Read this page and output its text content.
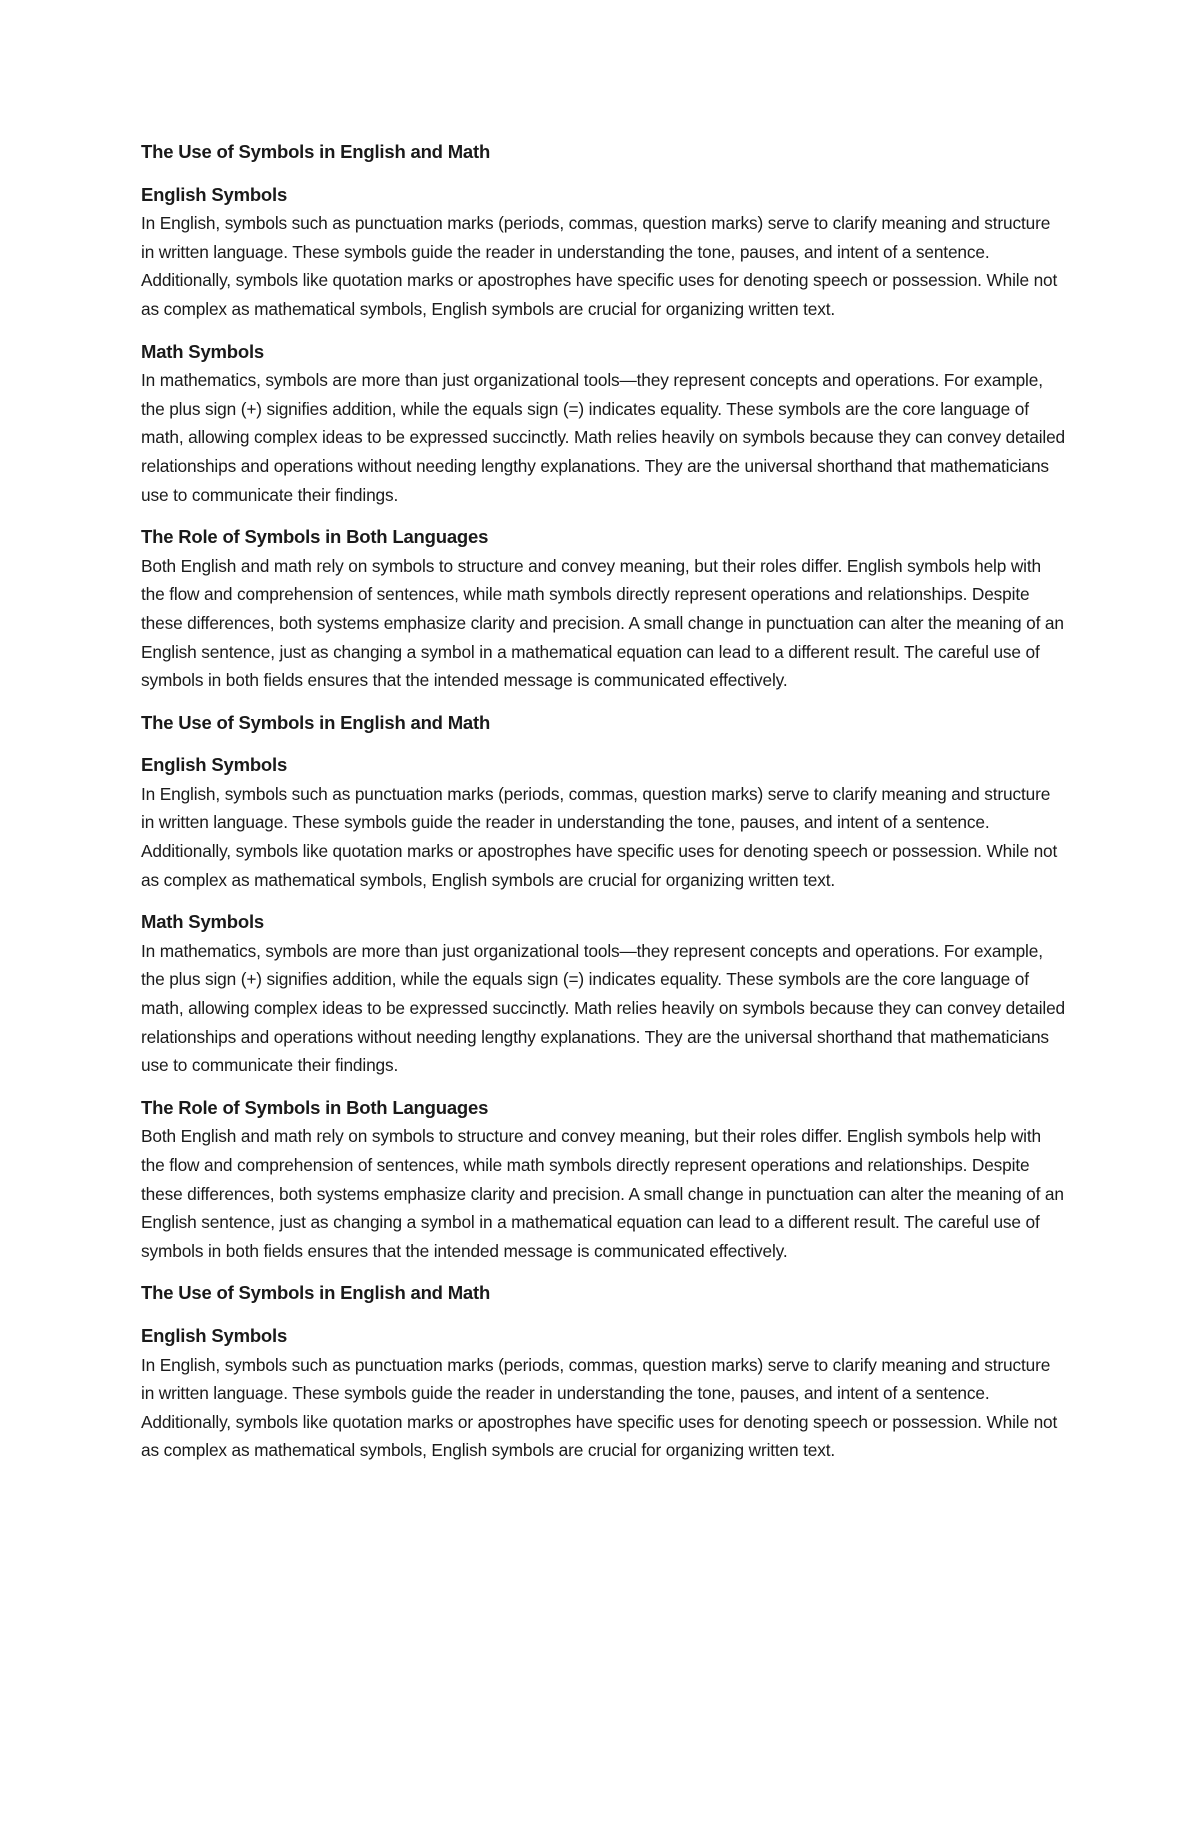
The Use of Symbols in English and Math
English Symbols

In English, symbols such as punctuation marks (periods, commas, question marks) serve to clarify meaning and structure in written language. These symbols guide the reader in understanding the tone, pauses, and intent of a sentence. Additionally, symbols like quotation marks or apostrophes have specific uses for denoting speech or possession. While not as complex as mathematical symbols, English symbols are crucial for organizing written text.

Math Symbols

In mathematics, symbols are more than just organizational tools—they represent concepts and operations. For example, the plus sign (+) signifies addition, while the equals sign (=) indicates equality. These symbols are the core language of math, allowing complex ideas to be expressed succinctly. Math relies heavily on symbols because they can convey detailed relationships and operations without needing lengthy explanations. They are the universal shorthand that mathematicians use to communicate their findings.

The Role of Symbols in Both Languages

Both English and math rely on symbols to structure and convey meaning, but their roles differ. English symbols help with the flow and comprehension of sentences, while math symbols directly represent operations and relationships. Despite these differences, both systems emphasize clarity and precision. A small change in punctuation can alter the meaning of an English sentence, just as changing a symbol in a mathematical equation can lead to a different result. The careful use of symbols in both fields ensures that the intended message is communicated effectively.

The Use of Symbols in English and Math
English Symbols

In English, symbols such as punctuation marks (periods, commas, question marks) serve to clarify meaning and structure in written language. These symbols guide the reader in understanding the tone, pauses, and intent of a sentence. Additionally, symbols like quotation marks or apostrophes have specific uses for denoting speech or possession. While not as complex as mathematical symbols, English symbols are crucial for organizing written text.

Math Symbols

In mathematics, symbols are more than just organizational tools—they represent concepts and operations. For example, the plus sign (+) signifies addition, while the equals sign (=) indicates equality. These symbols are the core language of math, allowing complex ideas to be expressed succinctly. Math relies heavily on symbols because they can convey detailed relationships and operations without needing lengthy explanations. They are the universal shorthand that mathematicians use to communicate their findings.

The Role of Symbols in Both Languages

Both English and math rely on symbols to structure and convey meaning, but their roles differ. English symbols help with the flow and comprehension of sentences, while math symbols directly represent operations and relationships. Despite these differences, both systems emphasize clarity and precision. A small change in punctuation can alter the meaning of an English sentence, just as changing a symbol in a mathematical equation can lead to a different result. The careful use of symbols in both fields ensures that the intended message is communicated effectively.

The Use of Symbols in English and Math
English Symbols

In English, symbols such as punctuation marks (periods, commas, question marks) serve to clarify meaning and structure in written language. These symbols guide the reader in understanding the tone, pauses, and intent of a sentence. Additionally, symbols like quotation marks or apostrophes have specific uses for denoting speech or possession. While not as complex as mathematical symbols, English symbols are crucial for organizing written text.
